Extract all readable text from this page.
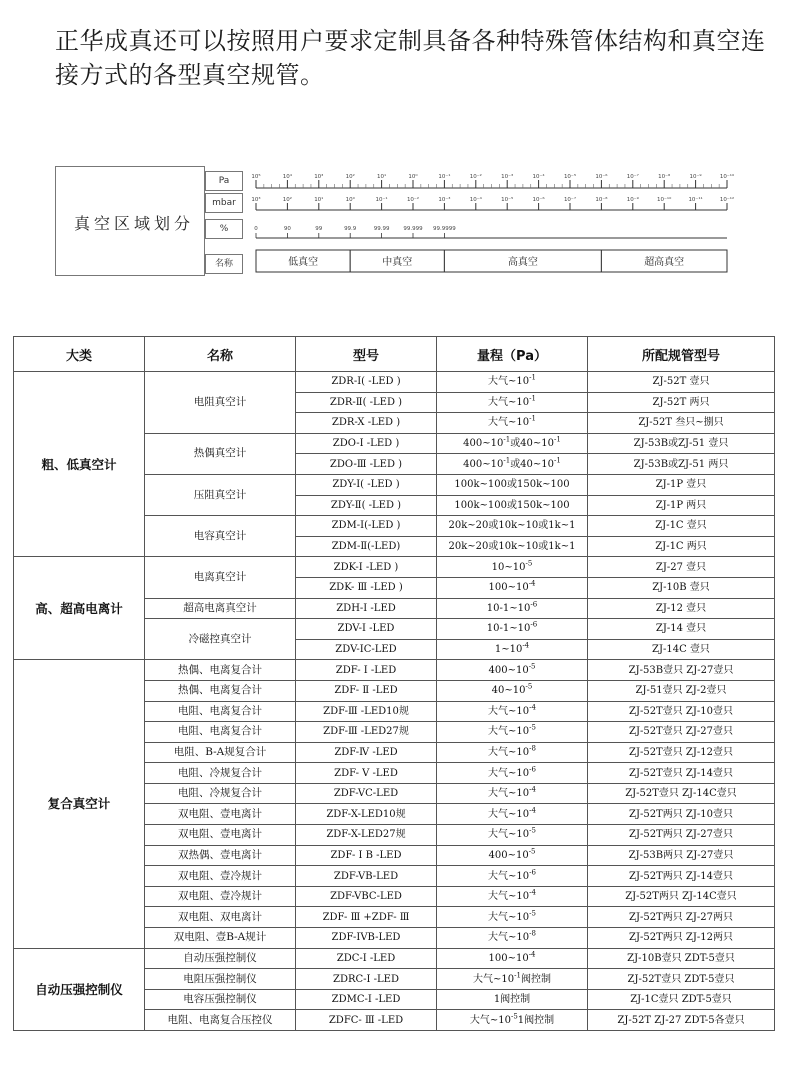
正华成真还可以按照用户要求定制具备各种特殊管体结构和真空连接方式的各型真空规管。
真空区域划分
Pa
mbar
%
名称
10⁵
10³
10⁴
10²
10³
10¹
10²
10⁰
10¹
10⁻¹
10⁰
10⁻²
10⁻¹
10⁻³
10⁻²
10⁻⁴
10⁻³
10⁻⁵
10⁻⁴
10⁻⁶
10⁻⁵
10⁻⁷
10⁻⁶
10⁻⁸
10⁻⁷
10⁻⁹
10⁻⁸
10⁻¹⁰
10⁻⁹
10⁻¹¹
10⁻¹⁰
10⁻¹²
0	90	99	99.9	99.99	99.999 99.9999
低真空	中真空	高真空	超高真空
大类	名称	型号	量程（Pa）	所配规管型号
粗、低真空计	电阻真空计	ZDR-Ⅰ( -LED )	大气$\sim 10^{-1}$	ZJ-52T 壹只
		ZDR-Ⅱ( -LED )	大气$\sim 10^{-1}$	ZJ-52T 两只
		ZDR-X -LED )	大气$\sim 10^{-1}$	ZJ-52T 叁只~捌只
	热偶真空计	ZDO-Ⅰ -LED )	$400\sim 10^{-1}$或$40\sim 10^{-1}$	ZJ-53B或ZJ-51 壹只
		ZDO-Ⅲ -LED )	$400\sim 10^{-1}$或$40\sim 10^{-1}$	ZJ-53B或ZJ-51 两只
	压阻真空计	ZDY-Ⅰ( -LED )	100k~100或150k~100	ZJ-1P 壹只
		ZDY-Ⅱ( -LED )	100k~100或150k~100	ZJ-1P 两只
	电容真空计	ZDM-Ⅰ(-LED )	20k~20或10k~10或1k~1	ZJ-1C 壹只
		ZDM-Ⅱ(-LED)	20k~20或10k~10或1k~1	ZJ-1C 两只
高、超高电离计	电离真空计	ZDK-Ⅰ -LED )	$10\sim 10^{-5}$	ZJ-27 壹只
		ZDK- Ⅲ -LED )	$100\sim 10^{-4}$	ZJ-10B 壹只
	超高电离真空计	ZDH-Ⅰ -LED	$10-1\sim 10^{-6}$	ZJ-12 壹只
	冷磁控真空计	ZDV-Ⅰ -LED	$10-1\sim 10^{-6}$	ZJ-14 壹只
		ZDV-IC-LED	$1\sim 10^{-4}$	ZJ-14C 壹只
复合真空计	热偶、电离复合计	ZDF- Ⅰ -LED	$400\sim 10^{-5}$	ZJ-53B壹只 ZJ-27壹只
	热偶、电离复合计	ZDF- Ⅱ -LED	$40\sim 10^{-5}$	ZJ-51壹只 ZJ-2壹只
	电阻、电离复合计	ZDF-Ⅲ -LED10规	大气$\sim 10^{-4}$	ZJ-52T壹只 ZJ-10壹只
	电阻、电离复合计	ZDF-Ⅲ -LED27规	大气$\sim 10^{-5}$	ZJ-52T壹只 ZJ-27壹只
	电阻、B-A规复合计	ZDF-Ⅳ -LED	大气$\sim 10^{-8}$	ZJ-52T壹只 ZJ-12壹只
	电阻、冷规复合计	ZDF- Ⅴ -LED	大气$\sim 10^{-6}$	ZJ-52T壹只 ZJ-14壹只
	电阻、冷规复合计	ZDF-VC-LED	大气$\sim 10^{-4}$	ZJ-52T壹只 ZJ-14C壹只
	双电阻、壹电离计	ZDF-X-LED10规	大气$\sim 10^{-4}$	ZJ-52T两只 ZJ-10壹只
	双电阻、壹电离计	ZDF-X-LED27规	大气$\sim 10^{-5}$	ZJ-52T两只 ZJ-27壹只
	双热偶、壹电离计	ZDF- Ⅰ B -LED	$400\sim 10^{-5}$	ZJ-53B两只 ZJ-27壹只
	双电阻、壹冷规计	ZDF-VB-LED	大气$\sim 10^{-6}$	ZJ-52T两只 ZJ-14壹只
	双电阻、壹冷规计	ZDF-VBC-LED	大气$\sim 10^{-4}$	ZJ-52T两只 ZJ-14C壹只
	双电阻、双电离计	ZDF- Ⅲ +ZDF- Ⅲ	大气$\sim 10^{-5}$	ZJ-52T两只 ZJ-27两只
	双电阻、壹B-A规计	ZDF-IVB-LED	大气$\sim 10^{-8}$	ZJ-52T两只 ZJ-12两只
自动压强控制仪	自动压强控制仪	ZDC-Ⅰ -LED	$100\sim 10^{-4}$	ZJ-10B壹只 ZDT-5壹只
	电阻压强控制仪	ZDRC-Ⅰ -LED	大气$\sim 10^{-1}$阀控制	ZJ-52T壹只 ZDT-5壹只
	电容压强控制仪	ZDMC-Ⅰ -LED	1阀控制	ZJ-1C壹只 ZDT-5壹只
	电阻、电离复合压控仪	ZDFC- Ⅲ -LED	大气$\sim 10^{-5}1$阀控制	ZJ-52T ZJ-27 ZDT-5各壹只
